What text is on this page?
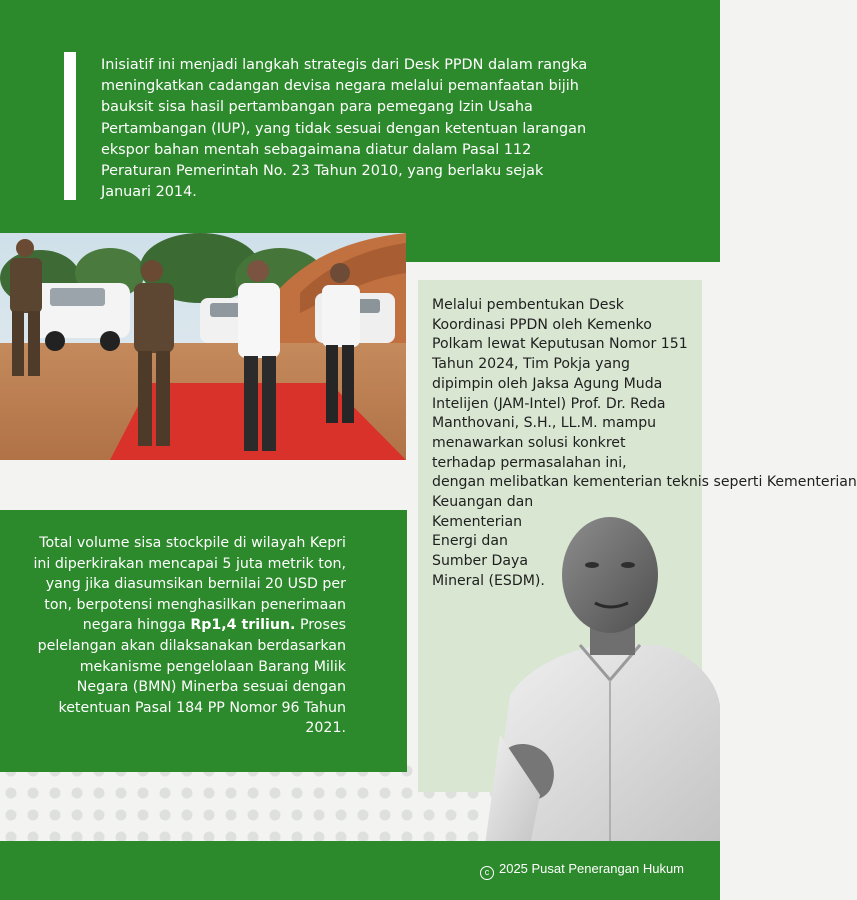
Inisiatif ini menjadi langkah strategis dari Desk PPDN dalam rangka meningkatkan cadangan devisa negara melalui pemanfaatan bijih bauksit sisa hasil pertambangan para pemegang Izin Usaha Pertambangan (IUP), yang tidak sesuai dengan ketentuan larangan ekspor bahan mentah sebagaimana diatur dalam Pasal 112 Peraturan Pemerintah No. 23 Tahun 2010, yang berlaku sejak Januari 2014.

Melalui pembentukan Desk Koordinasi PPDN oleh Kemenko Polkam lewat Keputusan Nomor 151 Tahun 2024, Tim Pokja yang dipimpin oleh Jaksa Agung Muda Intelijen (JAM-Intel) Prof. Dr. Reda Manthovani, S.H., LL.M. mampu menawarkan solusi konkret terhadap permasalahan ini, dengan melibatkan kementerian teknis seperti Kementerian
Keuangan dan Kementerian Energi dan Sumber Daya Mineral (ESDM).

Total volume sisa stockpile di wilayah Kepri ini diperkirakan mencapai 5 juta metrik ton, yang jika diasumsikan bernilai 20 USD per ton, berpotensi menghasilkan penerimaan negara hingga Rp1,4 triliun. Proses pelelangan akan dilaksanakan berdasarkan mekanisme pengelolaan Barang Milik Negara (BMN) Minerba sesuai dengan ketentuan Pasal 184 PP Nomor 96 Tahun 2021.

c 2025 Pusat Penerangan Hukum
